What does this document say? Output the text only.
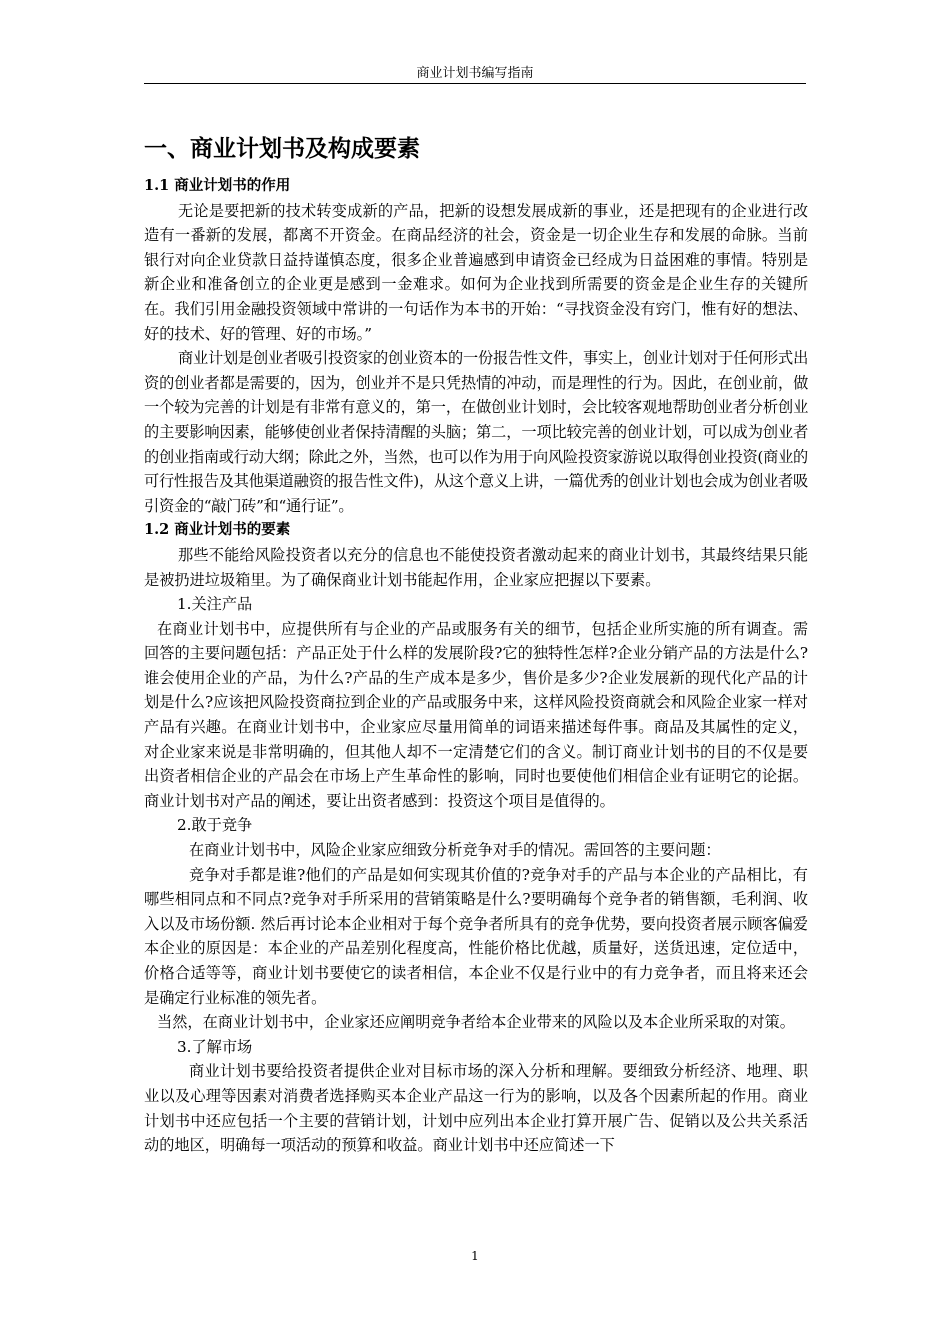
商业计划书编写指南
一、商业计划书及构成要素
1.1 商业计划书的作用

无论是要把新的技术转变成新的产品，把新的设想发展成新的事业，还是把现有的企业进行改造有一番新的发展，都离不开资金。在商品经济的社会，资金是一切企业生存和发展的命脉。当前银行对向企业贷款日益持谨慎态度，很多企业普遍感到申请资金已经成为日益困难的事情。特别是新企业和准备创立的企业更是感到一金难求。如何为企业找到所需要的资金是企业生存的关键所在。我们引用金融投资领域中常讲的一句话作为本书的开始：“寻找资金没有窍门，惟有好的想法、好的技术、好的管理、好的市场。”

商业计划是创业者吸引投资家的创业资本的一份报告性文件，事实上，创业计划对于任何形式出资的创业者都是需要的，因为，创业并不是只凭热情的冲动，而是理性的行为。因此，在创业前，做一个较为完善的计划是有非常有意义的，第一，在做创业计划时，会比较客观地帮助创业者分析创业的主要影响因素，能够使创业者保持清醒的头脑；第二，一项比较完善的创业计划，可以成为创业者的创业指南或行动大纲；除此之外，当然，也可以作为用于向风险投资家游说以取得创业投资(商业的可行性报告及其他渠道融资的报告性文件)，从这个意义上讲，一篇优秀的创业计划也会成为创业者吸引资金的“敲门砖”和“通行证”。

1.2 商业计划书的要素

那些不能给风险投资者以充分的信息也不能使投资者激动起来的商业计划书，其最终结果只能是被扔进垃圾箱里。为了确保商业计划书能起作用，企业家应把握以下要素。

1.关注产品

在商业计划书中，应提供所有与企业的产品或服务有关的细节，包括企业所实施的所有调查。需回答的主要问题包括：产品正处于什么样的发展阶段?它的独特性怎样?企业分销产品的方法是什么?谁会使用企业的产品，为什么?产品的生产成本是多少，售价是多少?企业发展新的现代化产品的计划是什么?应该把风险投资商拉到企业的产品或服务中来，这样风险投资商就会和风险企业家一样对产品有兴趣。在商业计划书中，企业家应尽量用简单的词语来描述每件事。商品及其属性的定义，对企业家来说是非常明确的，但其他人却不一定清楚它们的含义。制订商业计划书的目的不仅是要出资者相信企业的产品会在市场上产生革命性的影响，同时也要使他们相信企业有证明它的论据。商业计划书对产品的阐述，要让出资者感到：投资这个项目是值得的。

2.敢于竞争

在商业计划书中，风险企业家应细致分析竞争对手的情况。需回答的主要问题：

竞争对手都是谁?他们的产品是如何实现其价值的?竞争对手的产品与本企业的产品相比，有哪些相同点和不同点?竞争对手所采用的营销策略是什么?要明确每个竞争者的销售额，毛利润、收入以及市场份额. 然后再讨论本企业相对于每个竞争者所具有的竞争优势，要向投资者展示顾客偏爱本企业的原因是：本企业的产品差别化程度高，性能价格比优越，质量好，送货迅速，定位适中，价格合适等等，商业计划书要使它的读者相信，本企业不仅是行业中的有力竞争者，而且将来还会是确定行业标准的领先者。

当然，在商业计划书中，企业家还应阐明竞争者给本企业带来的风险以及本企业所采取的对策。

3.了解市场

商业计划书要给投资者提供企业对目标市场的深入分析和理解。要细致分析经济、地理、职业以及心理等因素对消费者选择购买本企业产品这一行为的影响，以及各个因素所起的作用。商业计划书中还应包括一个主要的营销计划，计划中应列出本企业打算开展广告、促销以及公共关系活动的地区，明确每一项活动的预算和收益。商业计划书中还应简述一下

1
